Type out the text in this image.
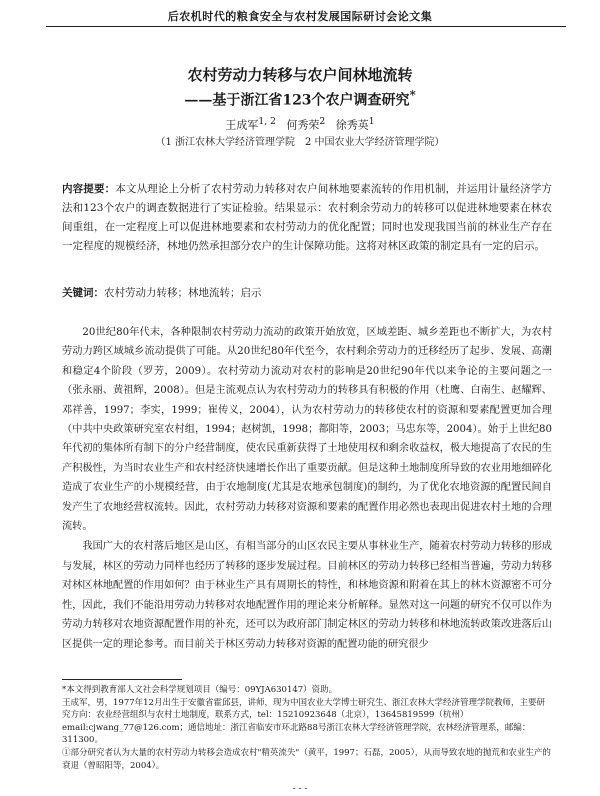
后农机时代的粮食安全与农村发展国际研讨会论文集
农村劳动力转移与农户间林地流转
——基于浙江省123个农户调查研究*
王成军$^{1, 2}$ 何秀荣$^2$ 徐秀英$^1$
（1 浙江农林大学经济管理学院　2 中国农业大学经济管理学院）
内容提要：本文从理论上分析了农村劳动力转移对农户间林地要素流转的作用机制，并运用计量经济学方法和123个农户的调查数据进行了实证检验。结果显示：农村剩余劳动力的转移可以促进林地要素在林农间重组，在一定程度上可以促进林地要素和农村劳动力的优化配置；同时也发现我国当前的林业生产存在一定程度的规模经济，林地仍然承担部分农户的生计保障功能。这将对林区政策的制定具有一定的启示。
关键词：农村劳动力转移；林地流转；启示

20世纪80年代末，各种限制农村劳动力流动的政策开始放宽，区域差距、城乡差距也不断扩大，为农村劳动力跨区域城乡流动提供了可能。从20世纪80年代至今，农村剩余劳动力的迁移经历了起步、发展、高潮和稳定4个阶段（罗芳，2009）。农村劳动力流动对农村的影响是20世纪90年代以来争论的主要问题之一（张永丽、黄祖辉，2008）。但是主流观点认为农村劳动力的转移具有积极的作用（杜鹰、白南生、赵耀辉、邓祥善，1997；李实，1999；崔传义，2004），认为农村劳动力的转移使农村的资源和要素配置更加合理（中共中央政策研究室农村组，1994；赵树凯，1998；都阳等，2003；马忠东等，2004）。始于上世纪80年代初的集体所有制下的分户经营制度，使农民重新获得了土地使用权和剩余收益权，极大地提高了农民的生产积极性，为当时农业生产和农村经济快速增长作出了重要贡献。但是这种土地制度所导致的农业用地细碎化造成了农业生产的小规模经营，由于农地制度(尤其是农地承包制度)的制约，为了优化农地资源的配置民间自发产生了农地经营权流转。因此，农村劳动力转移对资源和要素的配置作用必然也表现出促进农村土地的合理流转。

我国广大的农村落后地区是山区，有相当部分的山区农民主要从事林业生产，随着农村劳动力转移的形成与发展，林区的劳动力同样也经历了转移的逐步发展过程。目前林区的劳动力转移已经相当普遍，劳动力转移对林区林地配置的作用如何？由于林业生产具有周期长的特性，和林地资源和附着在其上的林木资源密不可分性，因此，我们不能沿用劳动力转移对农地配置作用的理论来分析解释。显然对这一问题的研究不仅可以作为劳动力转移对农地资源配置作用的补充，还可以为政府部门制定林区的劳动力转移和林地流转政策改进落后山区提供一定的理论参考。而目前关于林区劳动力转移对资源的配置功能的研究很少

*本文得到教育部人文社会科学规划项目（编号：09YJA630147）资助。

王成军，男，1977年12月出生于安徽省霍邱县，讲师，现为中国农业大学博士研究生、浙江农林大学经济管理学院教师，主要研究方向：农业经营组织与农村土地制度，联系方式，tel：15210923648（北京），13645819599（杭州）email:cjwang_77@126.com；通信地址：浙江省临安市环北路88号浙江农林大学经济管理学院，农林经济管理系，邮编：311300。

①部分研究者认为大量的农村劳动力转移会造成农村"精英流失"（黄平，1997；石磊，2005），从而导致农地的抛荒和农业生产的衰退（曾昭阳等，2004）。

- - -
